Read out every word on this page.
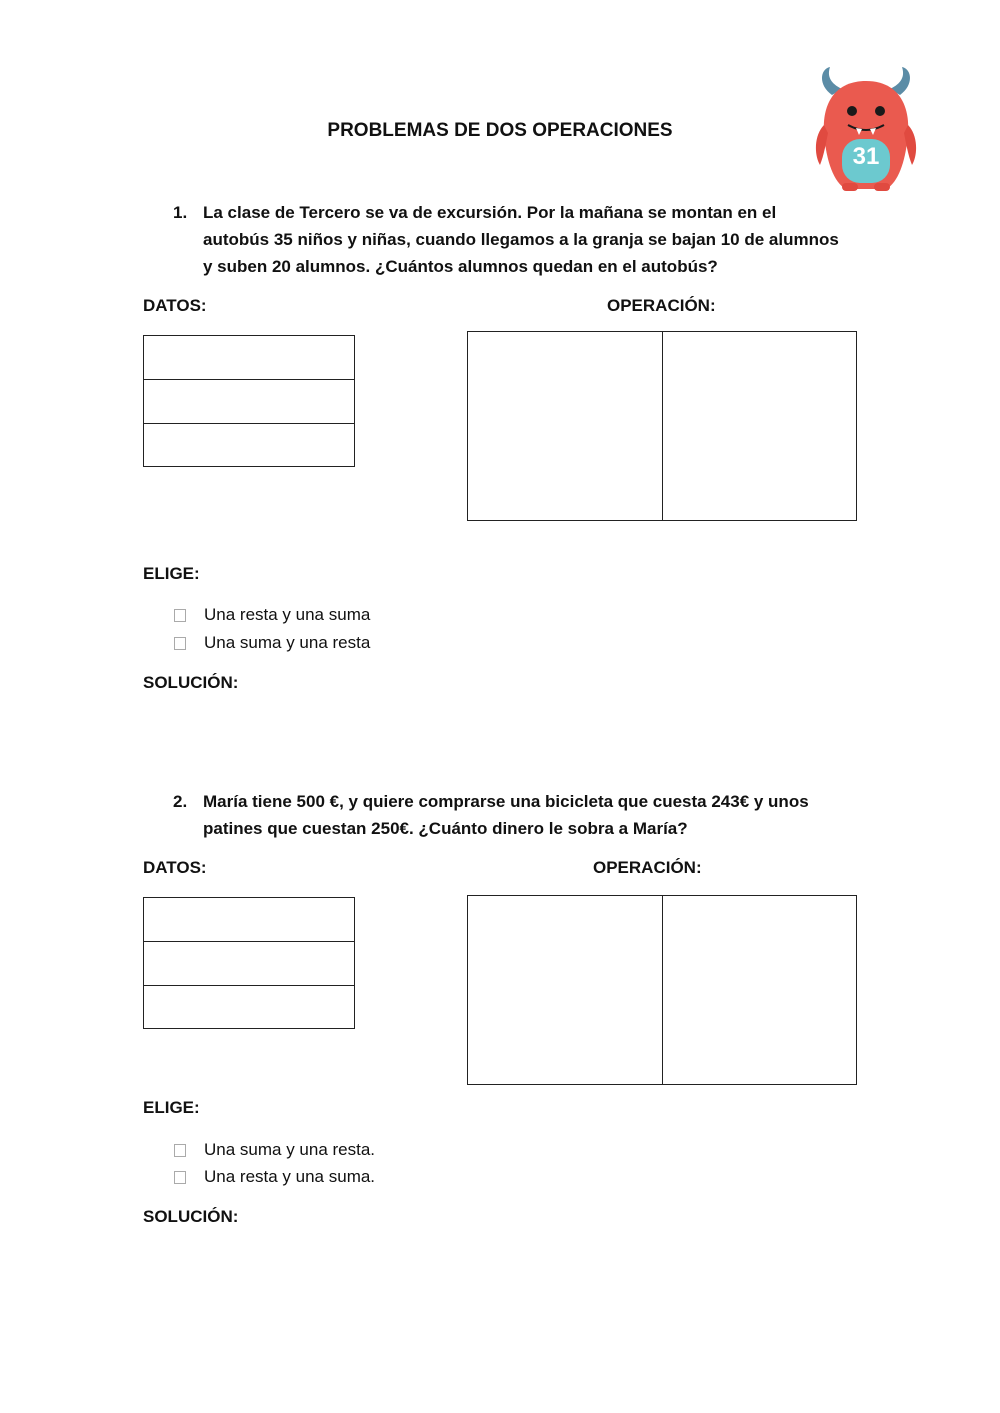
PROBLEMAS DE DOS OPERACIONES
31
1. La clase de Tercero se va de excursión. Por la mañana se montan en el
autobús 35 niños y niñas, cuando llegamos a la granja se bajan 10 de alumnos
y suben 20 alumnos. ¿Cuántos alumnos quedan en el autobús?
DATOS:	OPERACIÓN:
ELIGE:
Una resta y una suma
Una suma y una resta
SOLUCIÓN:
2. María tiene 500 €, y quiere comprarse una bicicleta que cuesta 243€ y unos
patines que cuestan 250€. ¿Cuánto dinero le sobra a María?
DATOS:	OPERACIÓN:
ELIGE:
Una suma y una resta.
Una resta y una suma.
SOLUCIÓN:
